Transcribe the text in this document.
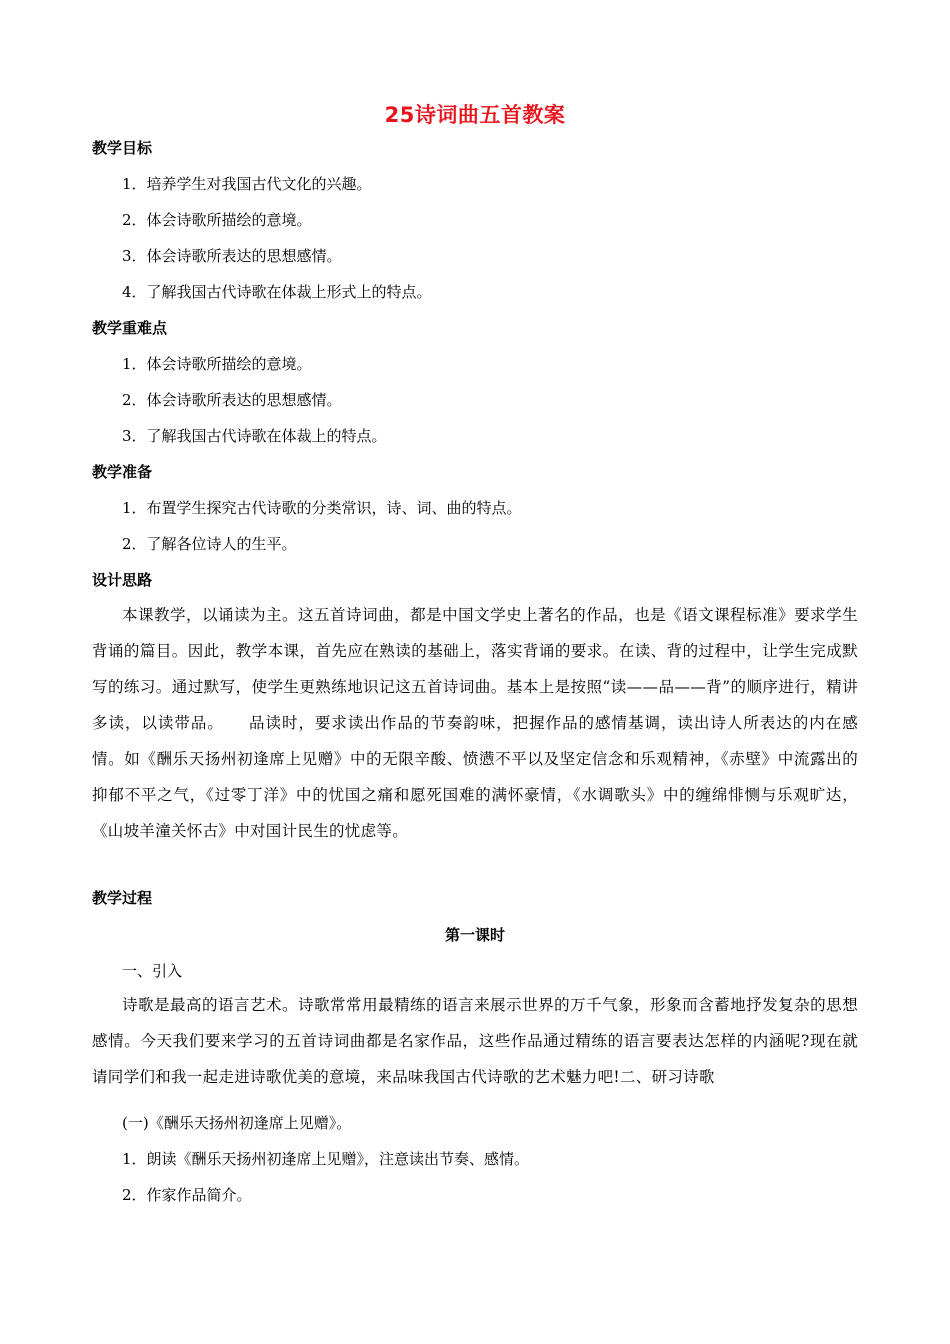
25诗词曲五首教案
教学目标
1．培养学生对我国古代文化的兴趣。
2．体会诗歌所描绘的意境。
3．体会诗歌所表达的思想感情。
4．了解我国古代诗歌在体裁上形式上的特点。
教学重难点
1．体会诗歌所描绘的意境。
2．体会诗歌所表达的思想感情。
3．了解我国古代诗歌在体裁上的特点。
教学准备
1．布置学生探究古代诗歌的分类常识，诗、词、曲的特点。
2．了解各位诗人的生平。
设计思路
本课教学，以诵读为主。这五首诗词曲，都是中国文学史上著名的作品，也是《语文课程标准》要求学生背诵的篇目。因此，教学本课，首先应在熟读的基础上，落实背诵的要求。在读、背的过程中，让学生完成默写的练习。通过默写，使学生更熟练地识记这五首诗词曲。基本上是按照“读——品——背”的顺序进行，精讲多读，以读带品。　　品读时，要求读出作品的节奏韵味，把握作品的感情基调，读出诗人所表达的内在感情。如《酬乐天扬州初逢席上见赠》中的无限辛酸、愤懑不平以及坚定信念和乐观精神，《赤壁》中流露出的抑郁不平之气，《过零丁洋》中的忧国之痛和愿死国难的满怀豪情，《水调歌头》中的缠绵悱恻与乐观旷达，《山坡羊潼关怀古》中对国计民生的忧虑等。
教学过程
第一课时
一、引入
诗歌是最高的语言艺术。诗歌常常用最精练的语言来展示世界的万千气象，形象而含蓄地抒发复杂的思想感情。今天我们要来学习的五首诗词曲都是名家作品，这些作品通过精练的语言要表达怎样的内涵呢?现在就请同学们和我一起走进诗歌优美的意境，来品味我国古代诗歌的艺术魅力吧!二、研习诗歌
(一)《酬乐天扬州初逢席上见赠》。
1．朗读《酬乐天扬州初逢席上见赠》，注意读出节奏、感情。
2．作家作品简介。
